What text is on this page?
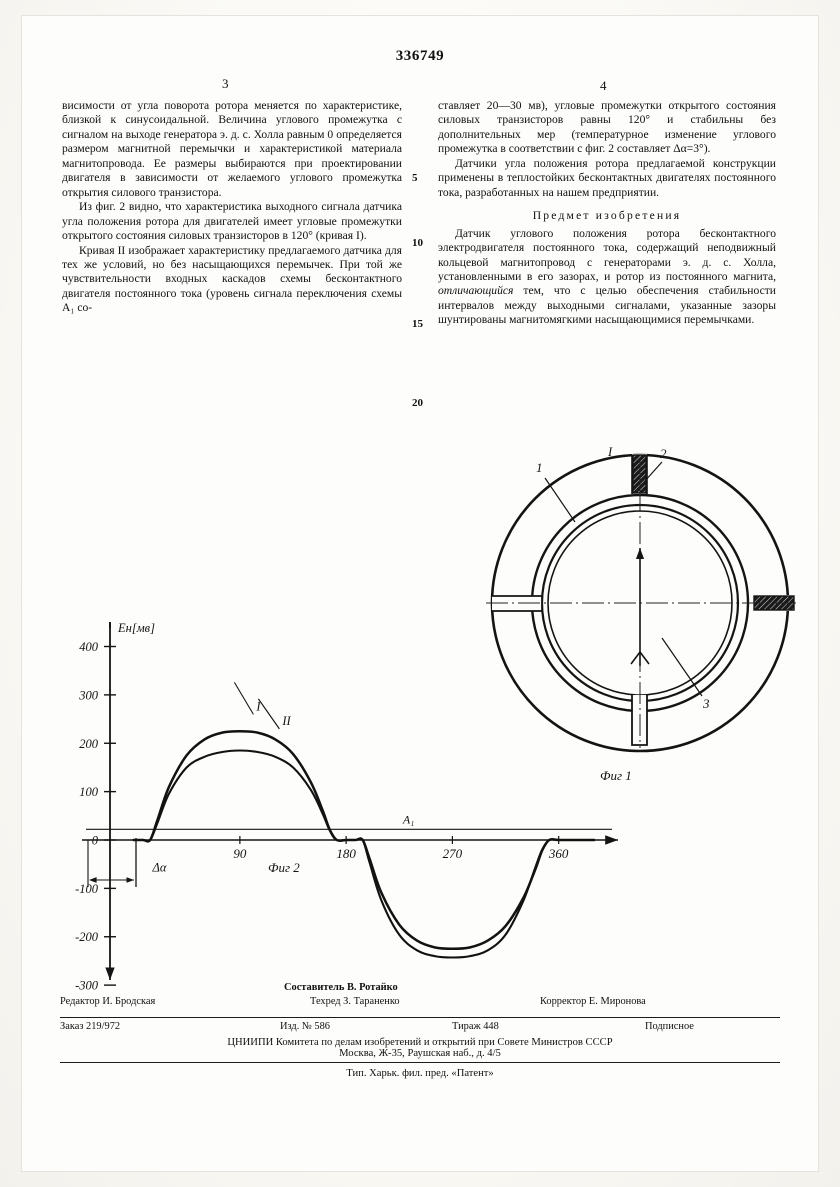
336749
3	4
5
10
15
20

висимости от угла поворота ротора меняется по характеристике, близкой к синусоидальной. Величина углового промежутка с сигналом на выходе генератора э. д. с. Холла равным 0 определяется размером магнитной перемычки и характеристикой материала магнитопровода. Ее размеры выбираются при проектировании двигателя в зависимости от желаемого углового промежутка открытия силового транзистора.

Из фиг. 2 видно, что характеристика выходного сигнала датчика угла положения ротора для двигателей имеет угловые промежутки открытого состояния силовых транзисторов в 120° (кривая I).

Кривая II изображает характеристику предлагаемого датчика для тех же условий, но без насыщающихся перемычек. При той же чувствительности входных каскадов схемы бесконтактного двигателя постоянного тока (уровень сигнала переключения схемы A₁ со-

ставляет 20—30 мв), угловые промежутки открытого состояния силовых транзисторов равны 120° и стабильны без дополнительных мер (температурное изменение углового промежутка в соответствии с фиг. 2 составляет Δα=3°).

Датчики угла положения ротора предлагаемой конструкции применены в теплостойких бесконтактных двигателях постоянного тока, разработанных на нашем предприятии.

Предмет изобретения

Датчик углового положения ротора бесконтактного электродвигателя постоянного тока, содержащий неподвижный кольцевой магнитопровод с генераторами э. д. с. Холла, установленными в его зазорах, и ротор из постоянного магнита, отличающийся тем, что с целью обеспечения стабильности интервалов между выходными сигналами, указанные зазоры шунтированы магнитомягкими насыщающимися перемычками.

1
2
3
I
Фиг 1
400
300
200
100
0
-100
-200
-300
90	180	270	360
A₁
I
II
Δα
Eн[мв]
Фиг 2
Составитель В. Ротайко
Редактор И. Бродская	Техред З. Тараненко	Корректор Е. Миронова
Заказ 219/972	Изд. № 586	Тираж 448	Подписное
ЦНИИПИ Комитета по делам изобретений и открытий при Совете Министров СССР
Москва, Ж-35, Раушская наб., д. 4/5
Тип. Харьк. фил. пред. «Патент»
